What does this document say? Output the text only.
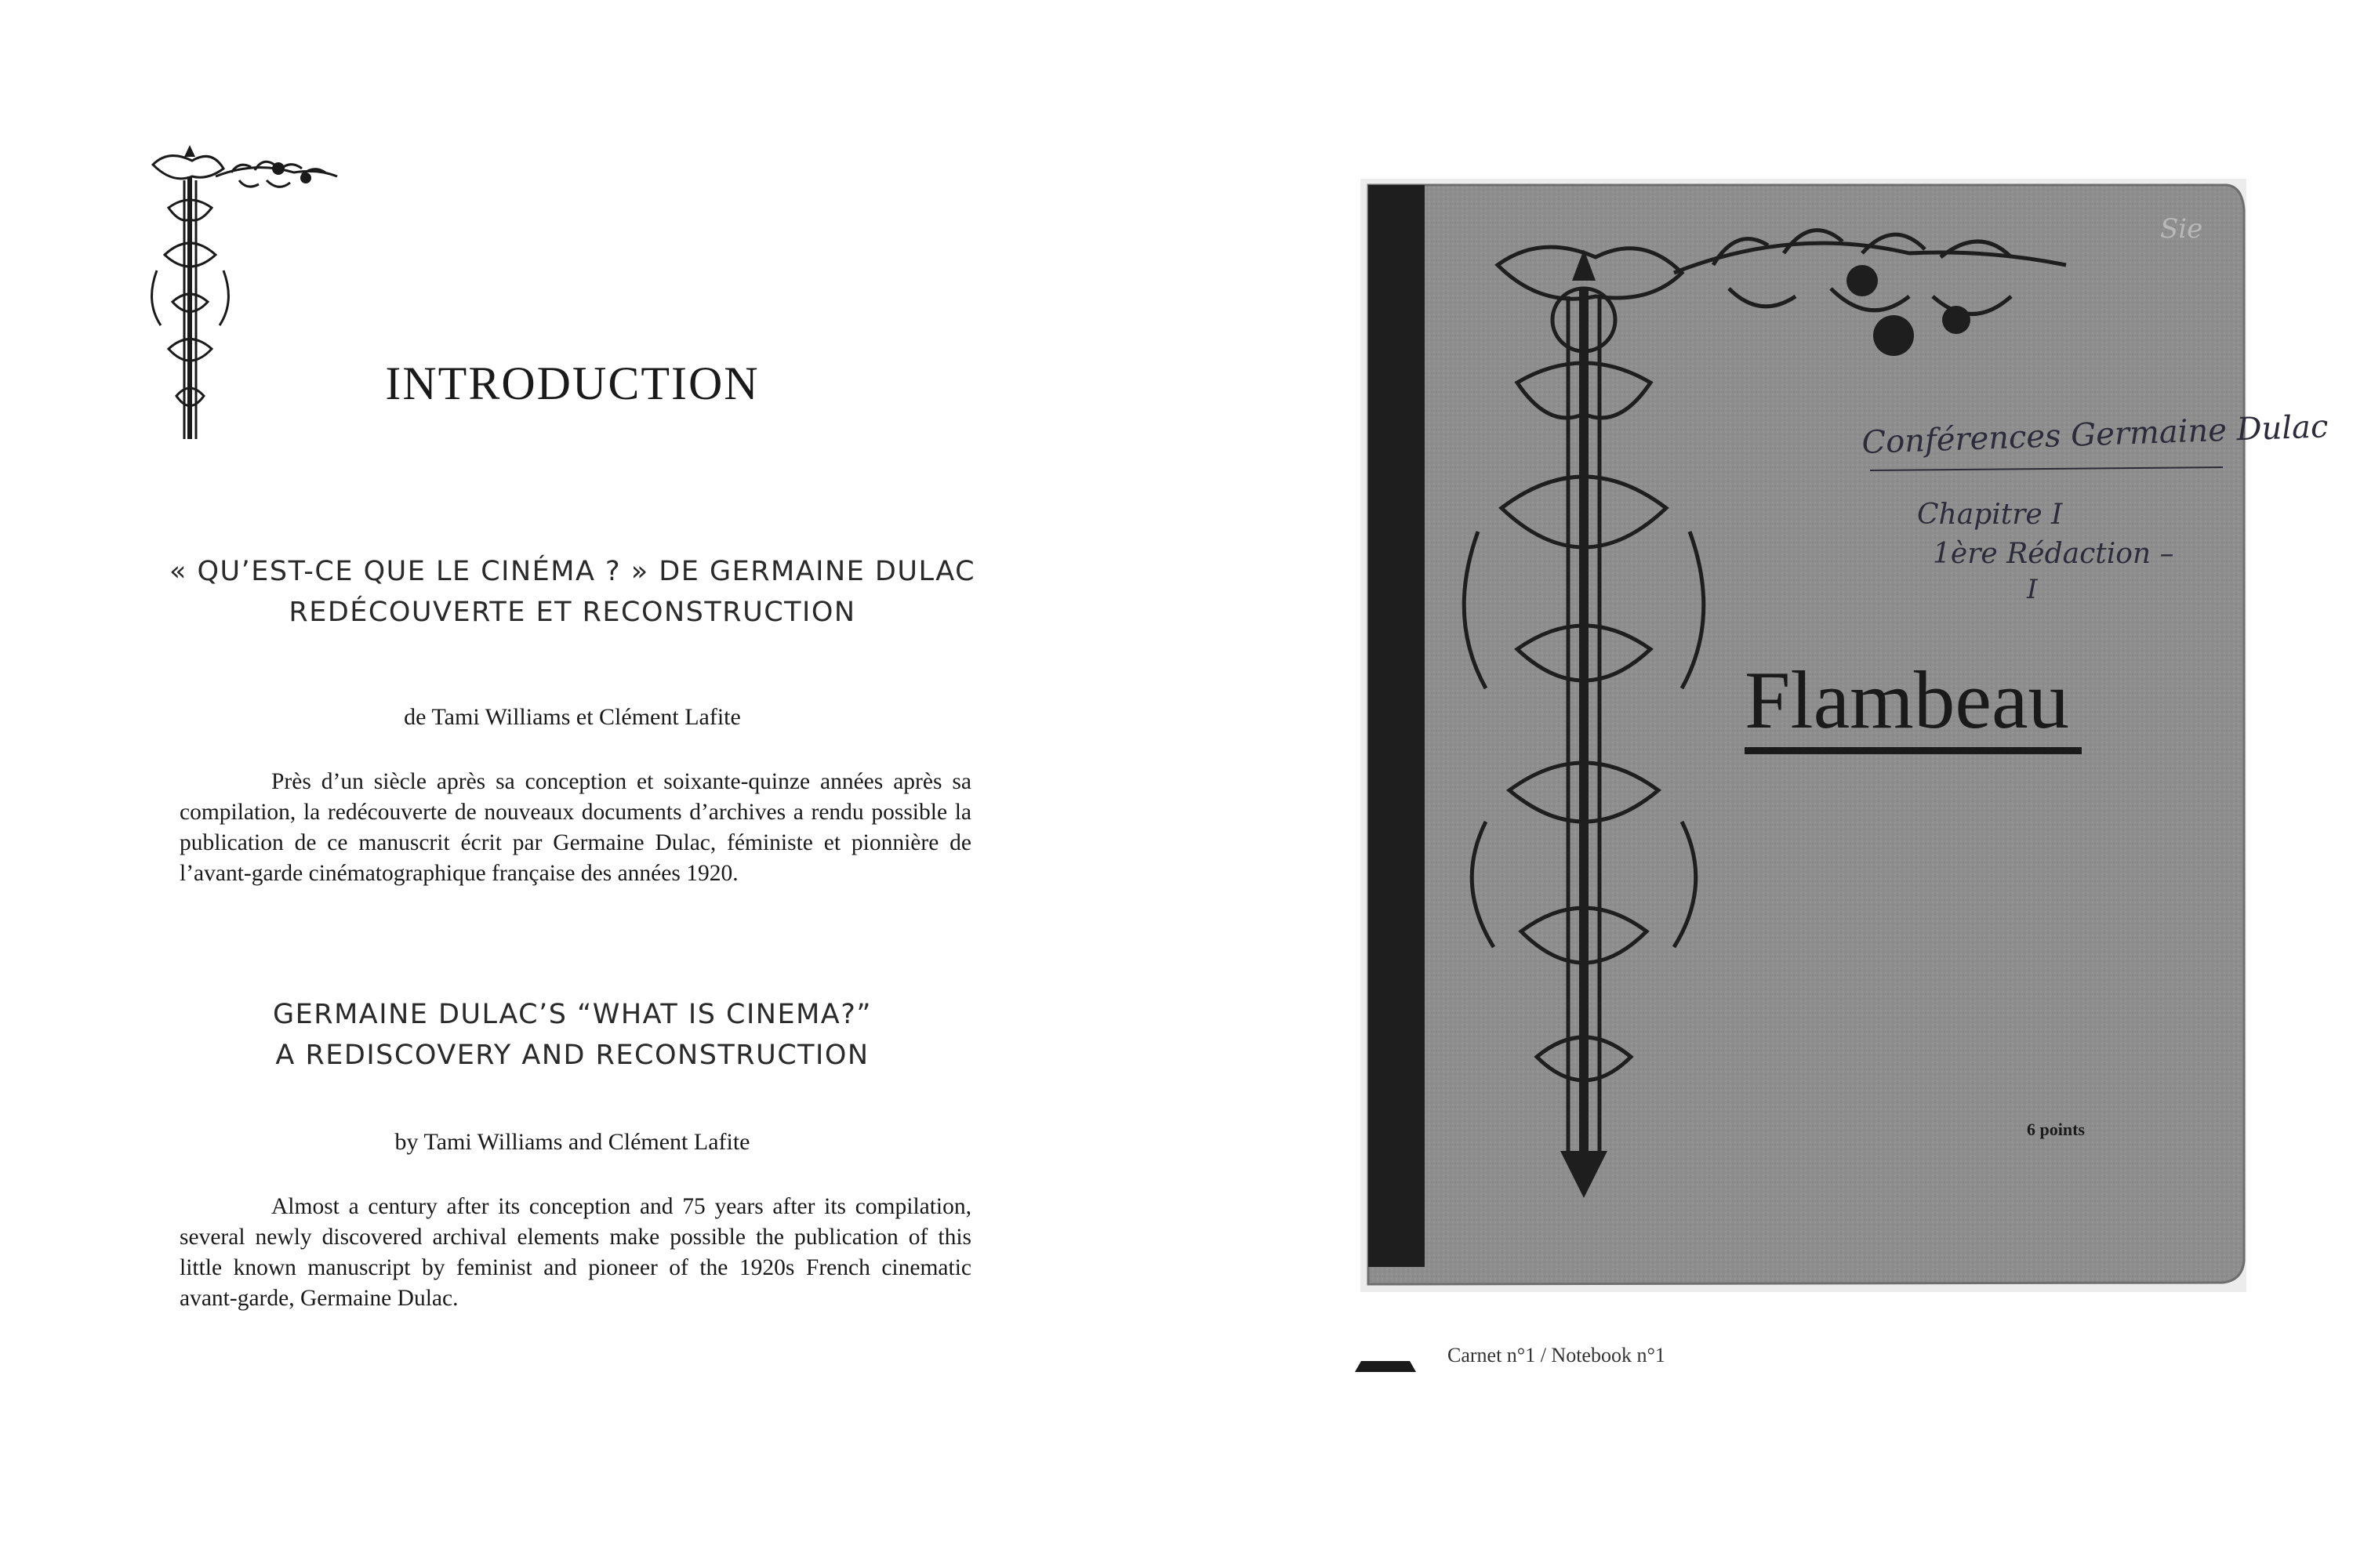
INTRODUCTION
« QU’EST-CE QUE LE CINÉMA ? » DE GERMAINE DULAC
REDÉCOUVERTE ET RECONSTRUCTION
de Tami Williams et Clément Lafite

Près d’un siècle après sa conception et soixante-quinze années après sa compilation, la redécouverte de nouveaux documents d’archives a rendu possible la publication de ce manuscrit écrit par Germaine Dulac, féministe et pionnière de l’avant-garde cinématographique française des années 1920.

GERMAINE DULAC’S “WHAT IS CINEMA?”
A REDISCOVERY AND RECONSTRUCTION
by Tami Williams and Clément Lafite

Almost a century after its conception and 75 years after its compilation, several newly discovered archival elements make possible the publication of this little known manuscript by feminist and pioneer of the 1920s French cinematic avant-garde, Germaine Dulac.

Flambeau
Conférences Germaine Dulac
Chapitre I
1ère Rédaction –
I
Sie
6 points
Carnet n°1 / Notebook n°1
